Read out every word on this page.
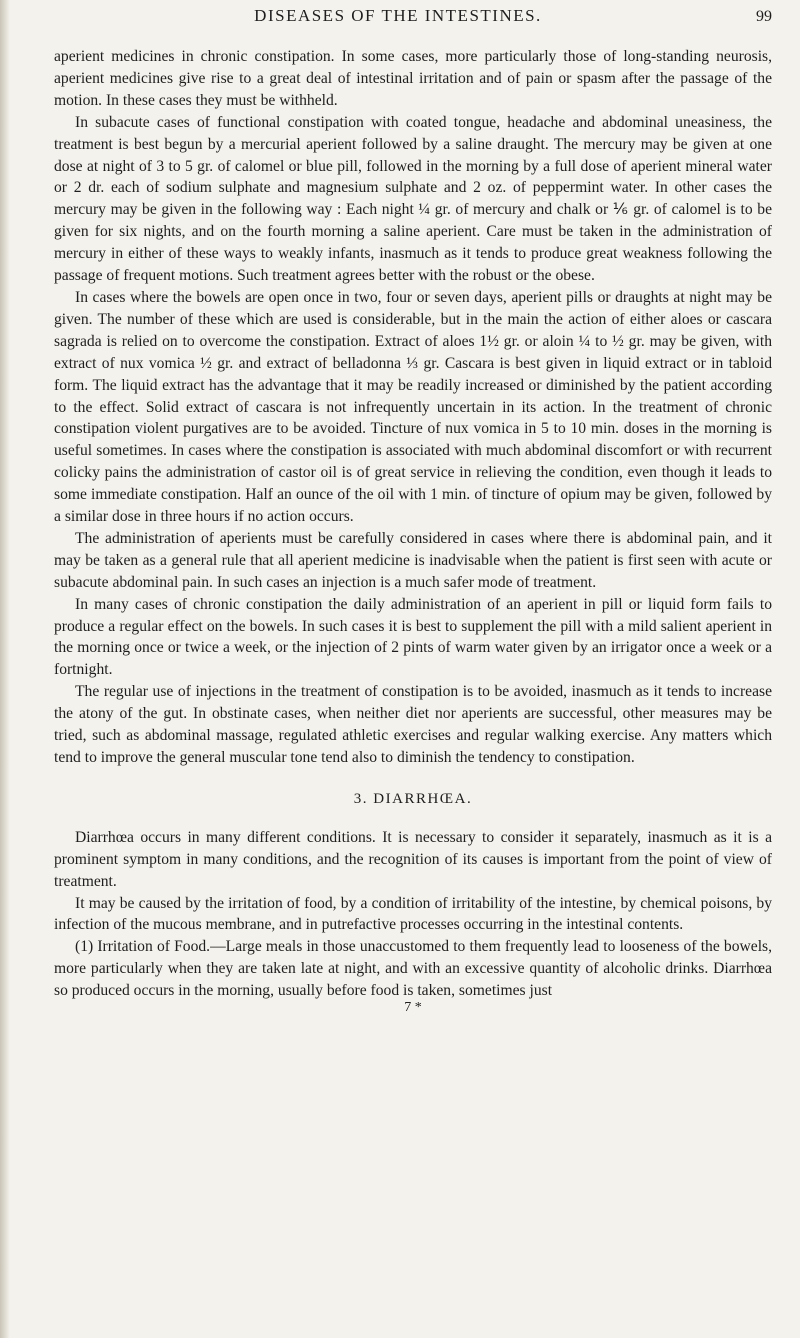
DISEASES OF THE INTESTINES.	99

aperient medicines in chronic constipation. In some cases, more particularly those of long-standing neurosis, aperient medicines give rise to a great deal of intestinal irritation and of pain or spasm after the passage of the motion. In these cases they must be withheld.

In subacute cases of functional constipation with coated tongue, headache and abdominal uneasiness, the treatment is best begun by a mercurial aperient followed by a saline draught. The mercury may be given at one dose at night of 3 to 5 gr. of calomel or blue pill, followed in the morning by a full dose of aperient mineral water or 2 dr. each of sodium sulphate and magnesium sulphate and 2 oz. of peppermint water. In other cases the mercury may be given in the following way : Each night ¼ gr. of mercury and chalk or ⅙ gr. of calomel is to be given for six nights, and on the fourth morning a saline aperient. Care must be taken in the administration of mercury in either of these ways to weakly infants, inasmuch as it tends to produce great weakness following the passage of frequent motions. Such treatment agrees better with the robust or the obese.

In cases where the bowels are open once in two, four or seven days, aperient pills or draughts at night may be given. The number of these which are used is considerable, but in the main the action of either aloes or cascara sagrada is relied on to overcome the constipation. Extract of aloes 1½ gr. or aloin ¼ to ½ gr. may be given, with extract of nux vomica ½ gr. and extract of belladonna ⅓ gr. Cascara is best given in liquid extract or in tabloid form. The liquid extract has the advantage that it may be readily increased or diminished by the patient according to the effect. Solid extract of cascara is not infrequently uncertain in its action. In the treatment of chronic constipation violent purgatives are to be avoided. Tincture of nux vomica in 5 to 10 min. doses in the morning is useful sometimes. In cases where the constipation is associated with much abdominal discomfort or with recurrent colicky pains the administration of castor oil is of great service in relieving the condition, even though it leads to some immediate constipation. Half an ounce of the oil with 1 min. of tincture of opium may be given, followed by a similar dose in three hours if no action occurs.

The administration of aperients must be carefully considered in cases where there is abdominal pain, and it may be taken as a general rule that all aperient medicine is inadvisable when the patient is first seen with acute or subacute abdominal pain. In such cases an injection is a much safer mode of treatment.

In many cases of chronic constipation the daily administration of an aperient in pill or liquid form fails to produce a regular effect on the bowels. In such cases it is best to supplement the pill with a mild salient aperient in the morning once or twice a week, or the injection of 2 pints of warm water given by an irrigator once a week or a fortnight.

The regular use of injections in the treatment of constipation is to be avoided, inasmuch as it tends to increase the atony of the gut. In obstinate cases, when neither diet nor aperients are successful, other measures may be tried, such as abdominal massage, regulated athletic exercises and regular walking exercise. Any matters which tend to improve the general muscular tone tend also to diminish the tendency to constipation.

3. DIARRHŒA.

Diarrhœa occurs in many different conditions. It is necessary to consider it separately, inasmuch as it is a prominent symptom in many conditions, and the recognition of its causes is important from the point of view of treatment.

It may be caused by the irritation of food, by a condition of irritability of the intestine, by chemical poisons, by infection of the mucous membrane, and in putrefactive processes occurring in the intestinal contents.

(1) Irritation of Food.—Large meals in those unaccustomed to them frequently lead to looseness of the bowels, more particularly when they are taken late at night, and with an excessive quantity of alcoholic drinks. Diarrhœa so produced occurs in the morning, usually before food is taken, sometimes just

7 *
